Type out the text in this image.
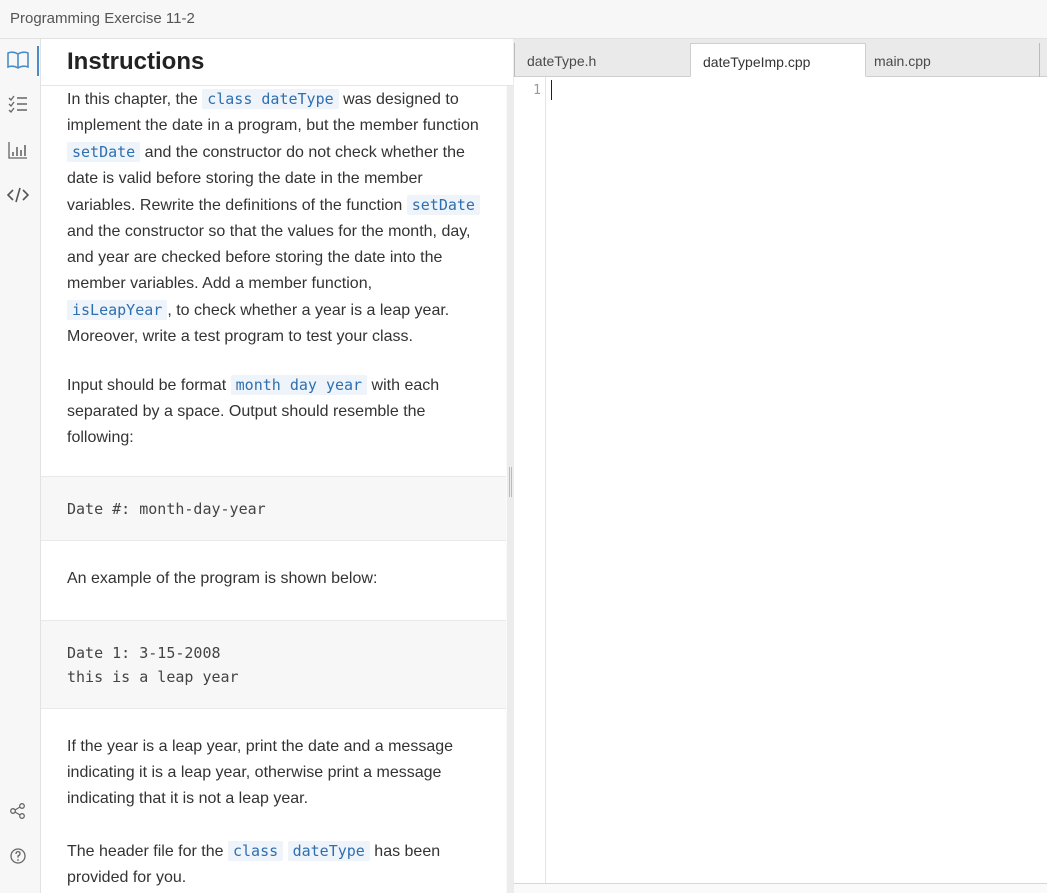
Programming Exercise 11-2
Instructions
In this chapter, the class dateType was designed to implement the date in a program, but the member function setDate and the constructor do not check whether the date is valid before storing the date in the member variables. Rewrite the definitions of the function setDate and the constructor so that the values for the month, day, and year are checked before storing the date into the member variables. Add a member function, isLeapYear , to check whether a year is a leap year. Moreover, write a test program to test your class.
Input should be format month day year with each separated by a space. Output should resemble the following:
Date #: month-day-year
An example of the program is shown below:
Date 1: 3-15-2008
this is a leap year
If the year is a leap year, print the date and a message indicating it is a leap year, otherwise print a message indicating that it is not a leap year.
The header file for the class dateType has been provided for you.
dateType.h	dateTypeImp.cpp	main.cpp
1
